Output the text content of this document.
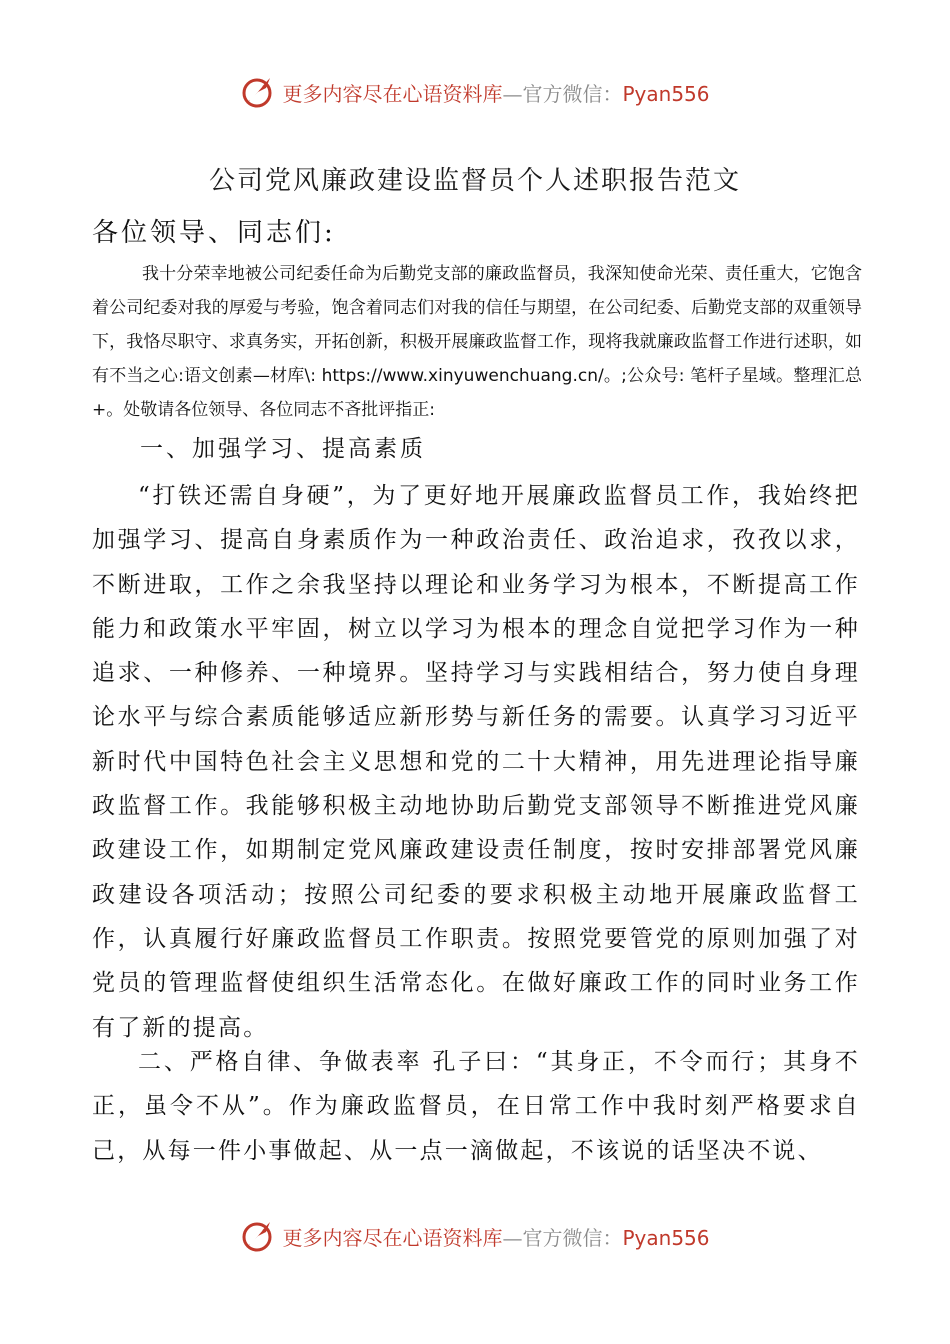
更多内容尽在心语资料库—官方微信：Pyan556
公司党风廉政建设监督员个人述职报告范文
各位领导、同志们:
我十分荣幸地被公司纪委任命为后勤党支部的廉政监督员，我深知使命光荣、责任重大，它饱含着公司纪委对我的厚爱与考验，饱含着同志们对我的信任与期望，在公司纪委、后勤党支部的双重领导下，我恪尽职守、求真务实，开拓创新，积极开展廉政监督工作，现将我就廉政监督工作进行述职，如有不当之心:语文创素—材库\: https://www.xinyuwenchuang.cn/。;公众号: 笔杆子星域。整理汇总+。处敬请各位领导、各位同志不吝批评指正:
一、加强学习、提高素质
“打铁还需自身硬”，为了更好地开展廉政监督员工作，我始终把加强学习、提高自身素质作为一种政治责任、政治追求，孜孜以求，不断进取，工作之余我坚持以理论和业务学习为根本，不断提高工作能力和政策水平牢固，树立以学习为根本的理念自觉把学习作为一种追求、一种修养、一种境界。坚持学习与实践相结合，努力使自身理论水平与综合素质能够适应新形势与新任务的需要。认真学习习近平新时代中国特色社会主义思想和党的二十大精神，用先进理论指导廉政监督工作。我能够积极主动地协助后勤党支部领导不断推进党风廉政建设工作，如期制定党风廉政建设责任制度，按时安排部署党风廉政建设各项活动；按照公司纪委的要求积极主动地开展廉政监督工作，认真履行好廉政监督员工作职责。按照党要管党的原则加强了对党员的管理监督使组织生活常态化。在做好廉政工作的同时业务工作有了新的提高。
二、严格自律、争做表率 孔子曰：“其身正，不令而行；其身不正，虽令不从”。作为廉政监督员，在日常工作中我时刻严格要求自己，从每一件小事做起、从一点一滴做起，不该说的话坚决不说、
更多内容尽在心语资料库—官方微信：Pyan556
